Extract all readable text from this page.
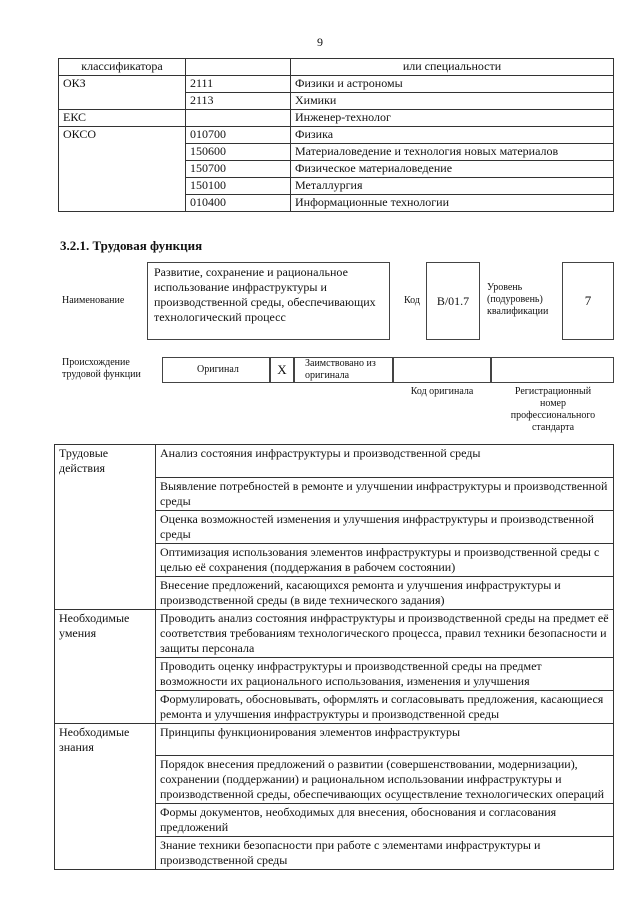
9
классификатора		или специальности
ОКЗ	2111	Физики и астрономы
	2113	Химики
ЕКС		Инженер-технолог
ОКСО	010700	Физика
	150600	Материаловедение и технология новых материалов
	150700	Физическое материаловедение
	150100	Металлургия
	010400	Информационные технологии
3.2.1. Трудовая функция
Наименование
Развитие, сохранение и рациональное использование инфраструктуры и производственной среды, обеспечивающих технологический процесс
Код	B/01.7
Уровень (подуровень) квалификации
7
Происхождение трудовой функции	Оригинал	X	Заимствовано из оригинала
Код оригинала	Регистрационный номер профессионального стандарта
Трудовые действия	Анализ состояния инфраструктуры и производственной среды
	Выявление потребностей в ремонте и улучшении инфраструктуры и производственной среды
	Оценка возможностей изменения и улучшения инфраструктуры и производственной среды
	Оптимизация использования элементов инфраструктуры и производственной среды с целью её сохранения (поддержания в рабочем состоянии)
	Внесение предложений, касающихся ремонта и улучшения инфраструктуры и производственной среды (в виде технического задания)
Необходимые умения	Проводить анализ состояния инфраструктуры и производственной среды на предмет её соответствия требованиям технологического процесса, правил техники безопасности и защиты персонала
	Проводить оценку инфраструктуры и производственной среды на предмет возможности их рационального использования, изменения и улучшения
	Формулировать, обосновывать, оформлять и согласовывать предложения, касающиеся ремонта и улучшения инфраструктуры и производственной среды
Необходимые знания	Принципы функционирования элементов инфраструктуры
	Порядок внесения предложений о развитии (совершенствовании, модернизации), сохранении (поддержании) и рациональном использовании инфраструктуры и производственной среды, обеспечивающих осуществление технологических операций
	Формы документов, необходимых для внесения, обоснования и согласования предложений
	Знание техники безопасности при работе с элементами инфраструктуры и производственной среды
